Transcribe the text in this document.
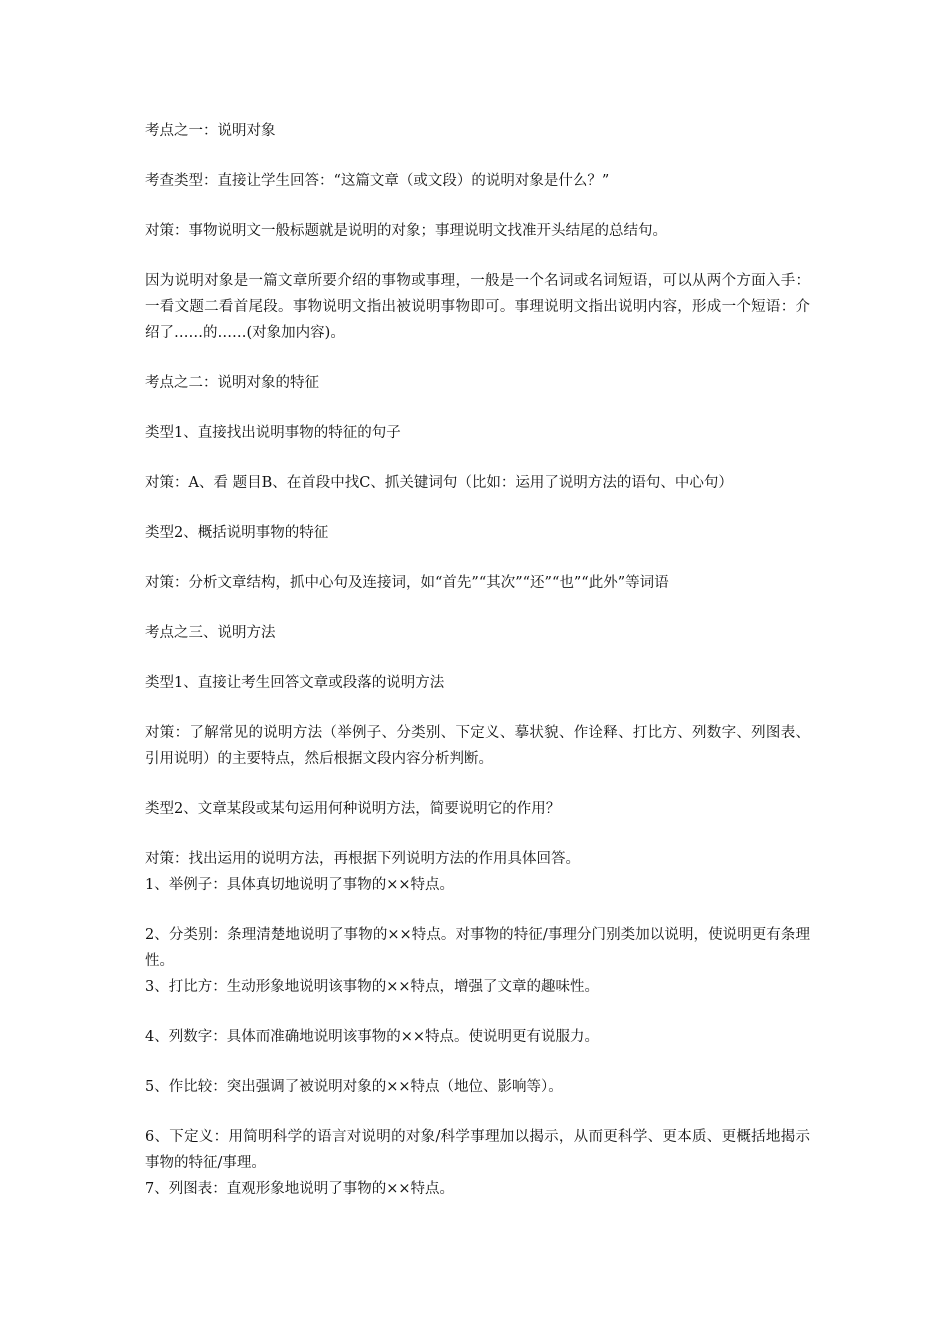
考点之一：说明对象

考查类型：直接让学生回答：“这篇文章（或文段）的说明对象是什么？”

对策：事物说明文一般标题就是说明的对象；事理说明文找准开头结尾的总结句。

因为说明对象是一篇文章所要介绍的事物或事理，一般是一个名词或名词短语，可以从两个方面入手：一看文题二看首尾段。事物说明文指出被说明事物即可。事理说明文指出说明内容，形成一个短语：介绍了……的……(对象加内容)。

考点之二：说明对象的特征

类型1、直接找出说明事物的特征的句子

对策：A、看 题目B、在首段中找C、抓关键词句（比如：运用了说明方法的语句、中心句）

类型2、概括说明事物的特征

对策：分析文章结构，抓中心句及连接词，如“首先”“其次”“还”“也”“此外”等词语

考点之三、说明方法

类型1、直接让考生回答文章或段落的说明方法

对策：了解常见的说明方法（举例子、分类别、下定义、摹状貌、作诠释、打比方、列数字、列图表、引用说明）的主要特点，然后根据文段内容分析判断。

类型2、文章某段或某句运用何种说明方法，简要说明它的作用？

对策：找出运用的说明方法，再根据下列说明方法的作用具体回答。

1、举例子：具体真切地说明了事物的××特点。

2、分类别：条理清楚地说明了事物的××特点。对事物的特征/事理分门别类加以说明，使说明更有条理性。

3、打比方：生动形象地说明该事物的××特点，增强了文章的趣味性。

4、列数字：具体而准确地说明该事物的××特点。使说明更有说服力。

5、作比较：突出强调了被说明对象的××特点（地位、影响等）。

6、下定义：用简明科学的语言对说明的对象/科学事理加以揭示，从而更科学、更本质、更概括地揭示事物的特征/事理。

7、列图表：直观形象地说明了事物的××特点。
